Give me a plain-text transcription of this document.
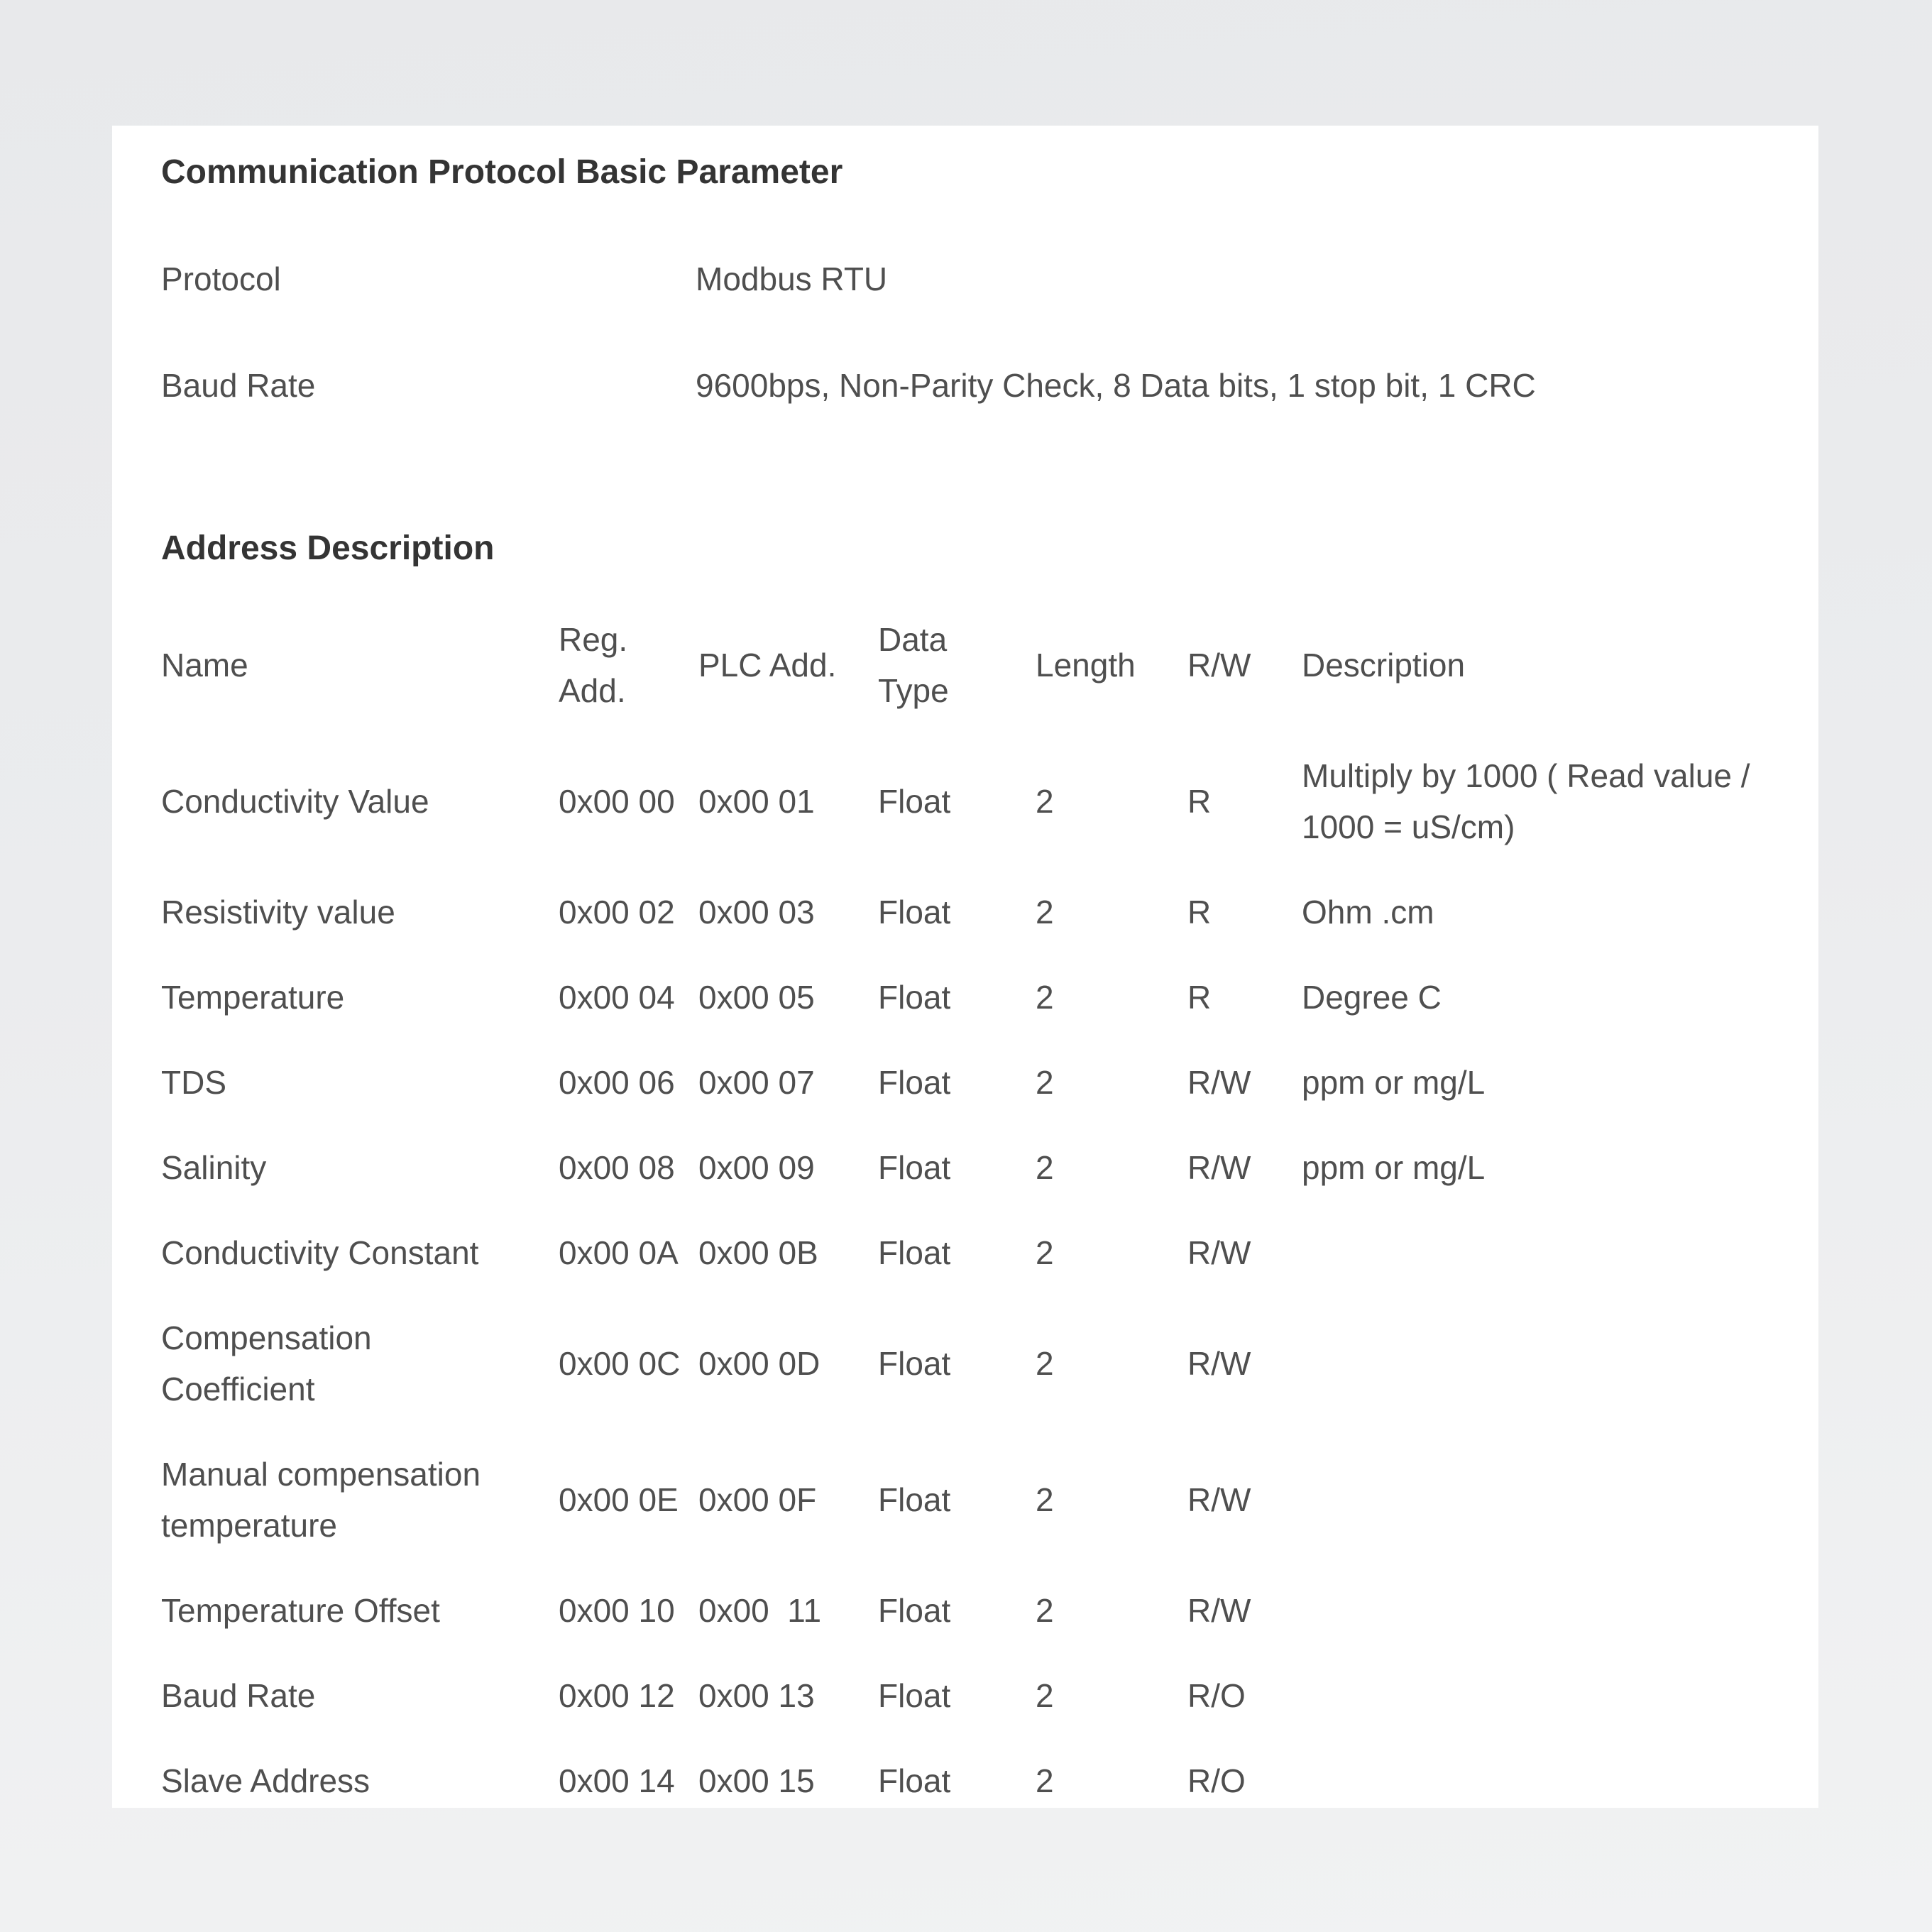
Communication Protocol Basic Parameter
Protocol	Modbus RTU
Baud Rate	9600bps, Non-Parity Check, 8 Data bits, 1 stop bit, 1 CRC
Address Description
Name	Reg. Add.	PLC Add.	Data Type	Length	R/W	Description
Conductivity Value	0x00 00	0x00 01	Float	2	R	Multiply by 1000 ( Read value / 1000 = uS/cm)
Resistivity value	0x00 02	0x00 03	Float	2	R	Ohm .cm
Temperature	0x00 04	0x00 05	Float	2	R	Degree C
TDS	0x00 06	0x00 07	Float	2	R/W	ppm or mg/L
Salinity	0x00 08	0x00 09	Float	2	R/W	ppm or mg/L
Conductivity Constant	0x00 0A	0x00 0B	Float	2	R/W	
Compensation Coefficient	0x00 0C	0x00 0D	Float	2	R/W	
Manual compensation temperature	0x00 0E	0x00 0F	Float	2	R/W	
Temperature Offset	0x00 10	0x00  11	Float	2	R/W	
Baud Rate	0x00 12	0x00 13	Float	2	R/O	
Slave Address	0x00 14	0x00 15	Float	2	R/O	
